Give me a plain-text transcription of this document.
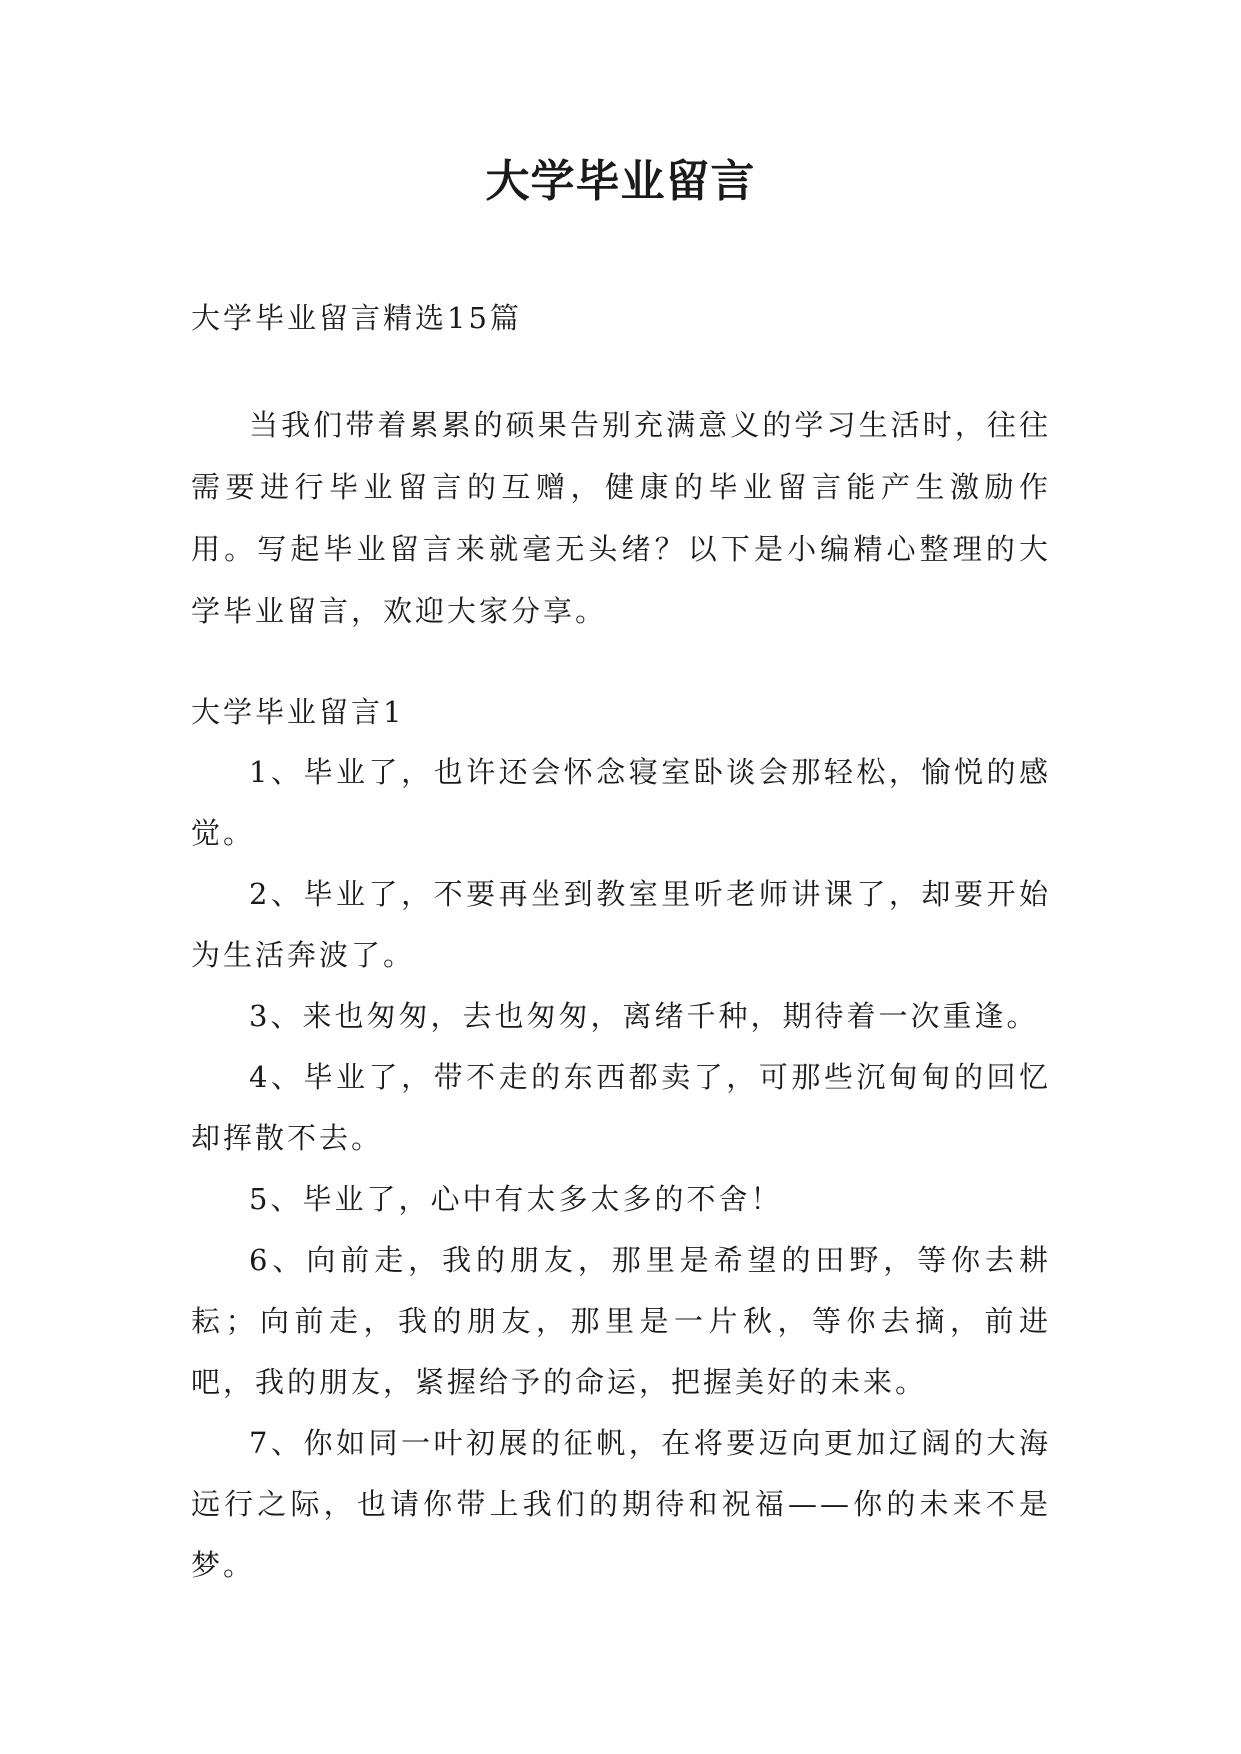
大学毕业留言

大学毕业留言精选15篇

当我们带着累累的硕果告别充满意义的学习生活时，往往需要进行毕业留言的互赠，健康的毕业留言能产生激励作用。写起毕业留言来就毫无头绪？以下是小编精心整理的大学毕业留言，欢迎大家分享。

大学毕业留言1

1、毕业了，也许还会怀念寝室卧谈会那轻松，愉悦的感觉。

2、毕业了，不要再坐到教室里听老师讲课了，却要开始为生活奔波了。

3、来也匆匆，去也匆匆，离绪千种，期待着一次重逢。

4、毕业了，带不走的东西都卖了，可那些沉甸甸的回忆却挥散不去。

5、毕业了，心中有太多太多的不舍！

6、向前走，我的朋友，那里是希望的田野，等你去耕耘；向前走，我的朋友，那里是一片秋，等你去摘，前进吧，我的朋友，紧握给予的命运，把握美好的未来。

7、你如同一叶初展的征帆，在将要迈向更加辽阔的大海远行之际，也请你带上我们的期待和祝福——你的未来不是梦。
